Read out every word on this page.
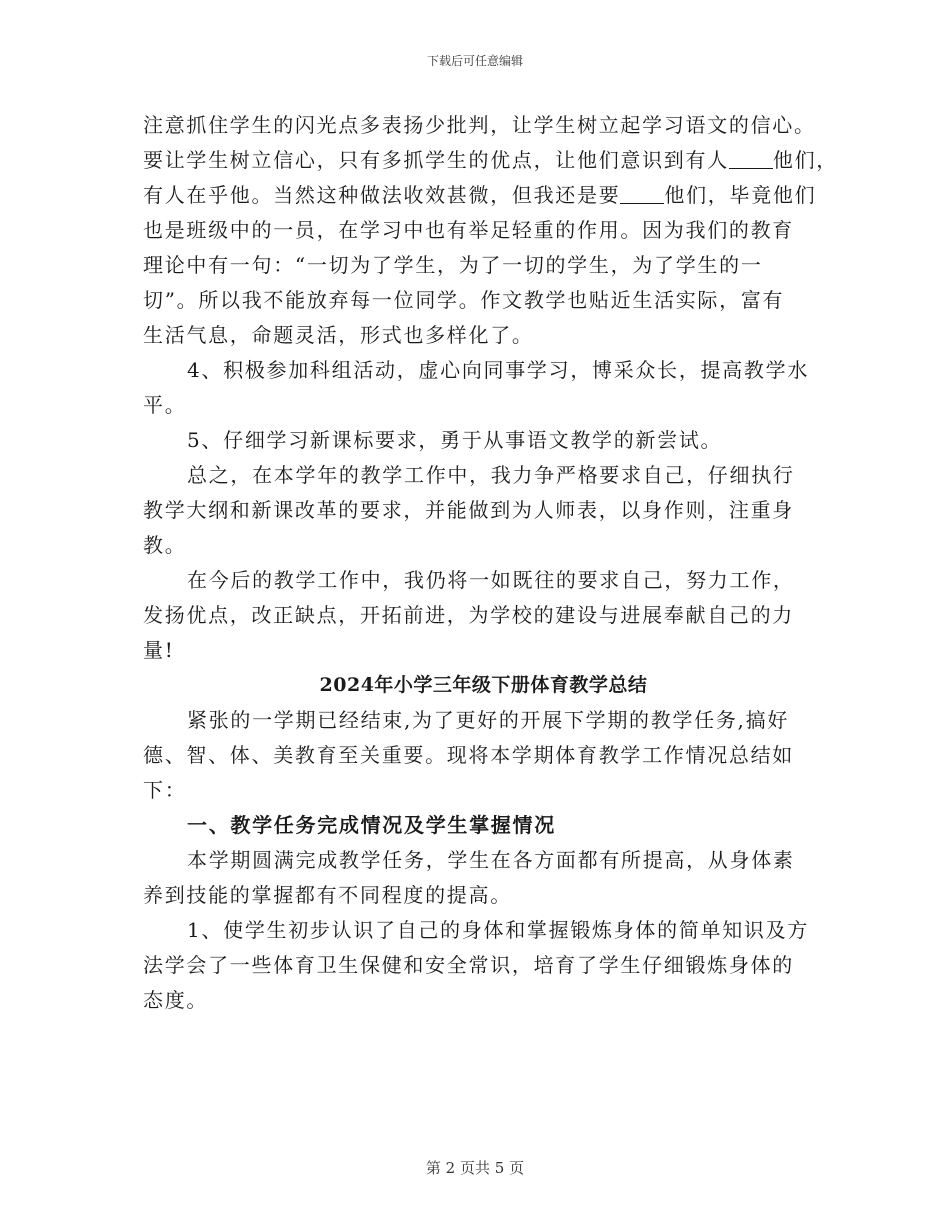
下载后可任意编辑
注意抓住学生的闪光点多表扬少批判，让学生树立起学习语文的信心。
要让学生树立信心，只有多抓学生的优点，让他们意识到有人 他们，
有人在乎他。当然这种做法收效甚微，但我还是要 他们，毕竟他们
也是班级中的一员，在学习中也有举足轻重的作用。因为我们的教育
理论中有一句：“一切为了学生，为了一切的学生，为了学生的一
切”。所以我不能放弃每一位同学。作文教学也贴近生活实际，富有
生活气息，命题灵活，形式也多样化了。
4、积极参加科组活动，虚心向同事学习，博采众长，提高教学水
平。
5、仔细学习新课标要求，勇于从事语文教学的新尝试。
总之，在本学年的教学工作中，我力争严格要求自己，仔细执行
教学大纲和新课改革的要求，并能做到为人师表，以身作则，注重身
教。
在今后的教学工作中，我仍将一如既往的要求自己，努力工作，
发扬优点，改正缺点，开拓前进，为学校的建设与进展奉献自己的力
量!
2024年小学三年级下册体育教学总结
紧张的一学期已经结束,为了更好的开展下学期的教学任务,搞好
德、智、体、美教育至关重要。现将本学期体育教学工作情况总结如
下：
一、教学任务完成情况及学生掌握情况
本学期圆满完成教学任务，学生在各方面都有所提高，从身体素
养到技能的掌握都有不同程度的提高。
1、使学生初步认识了自己的身体和掌握锻炼身体的简单知识及方
法学会了一些体育卫生保健和安全常识，培育了学生仔细锻炼身体的
态度。
第 2 页共 5 页
